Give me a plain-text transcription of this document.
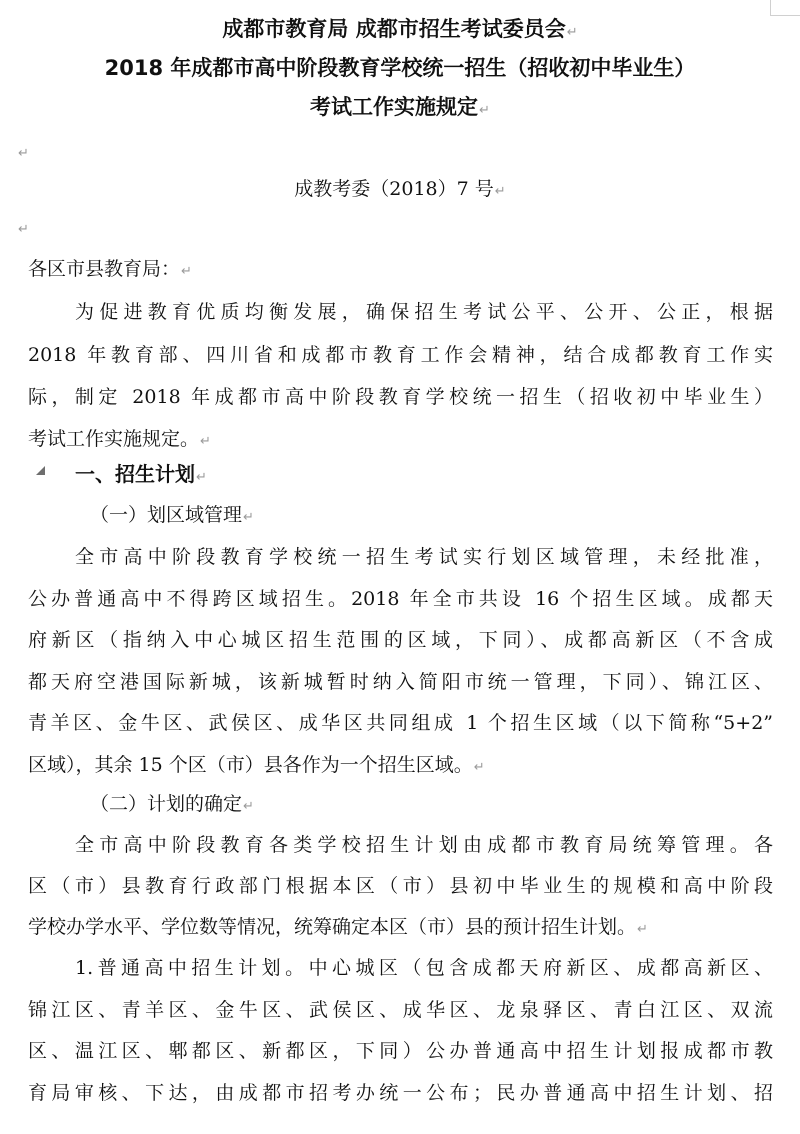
成都市教育局 成都市招生考试委员会↵
2018 年成都市高中阶段教育学校统一招生（招收初中毕业生）
考试工作实施规定↵
↵
成教考委（2018）7 号↵
↵
各区市县教育局：↵
为促进教育优质均衡发展，确保招生考试公平、公开、公正，根据
2018 年教育部、四川省和成都市教育工作会精神，结合成都教育工作实
际，制定 2018 年成都市高中阶段教育学校统一招生（招收初中毕业生）
考试工作实施规定。↵
一、招生计划↵
（一）划区域管理↵
全市高中阶段教育学校统一招生考试实行划区域管理，未经批准，
公办普通高中不得跨区域招生。2018 年全市共设 16 个招生区域。成都天
府新区（指纳入中心城区招生范围的区域，下同）、成都高新区（不含成
都天府空港国际新城，该新城暂时纳入简阳市统一管理，下同）、锦江区、
青羊区、金牛区、武侯区、成华区共同组成 1 个招生区域（以下简称“5+2”
区域），其余 15 个区（市）县各作为一个招生区域。↵
（二）计划的确定↵
全市高中阶段教育各类学校招生计划由成都市教育局统筹管理。各
区（市）县教育行政部门根据本区（市）县初中毕业生的规模和高中阶段
学校办学水平、学位数等情况，统筹确定本区（市）县的预计招生计划。↵
1.普通高中招生计划。中心城区（包含成都天府新区、成都高新区、
锦江区、青羊区、金牛区、武侯区、成华区、龙泉驿区、青白江区、双流
区、温江区、郫都区、新都区，下同）公办普通高中招生计划报成都市教
育局审核、下达，由成都市招考办统一公布；民办普通高中招生计划、招
